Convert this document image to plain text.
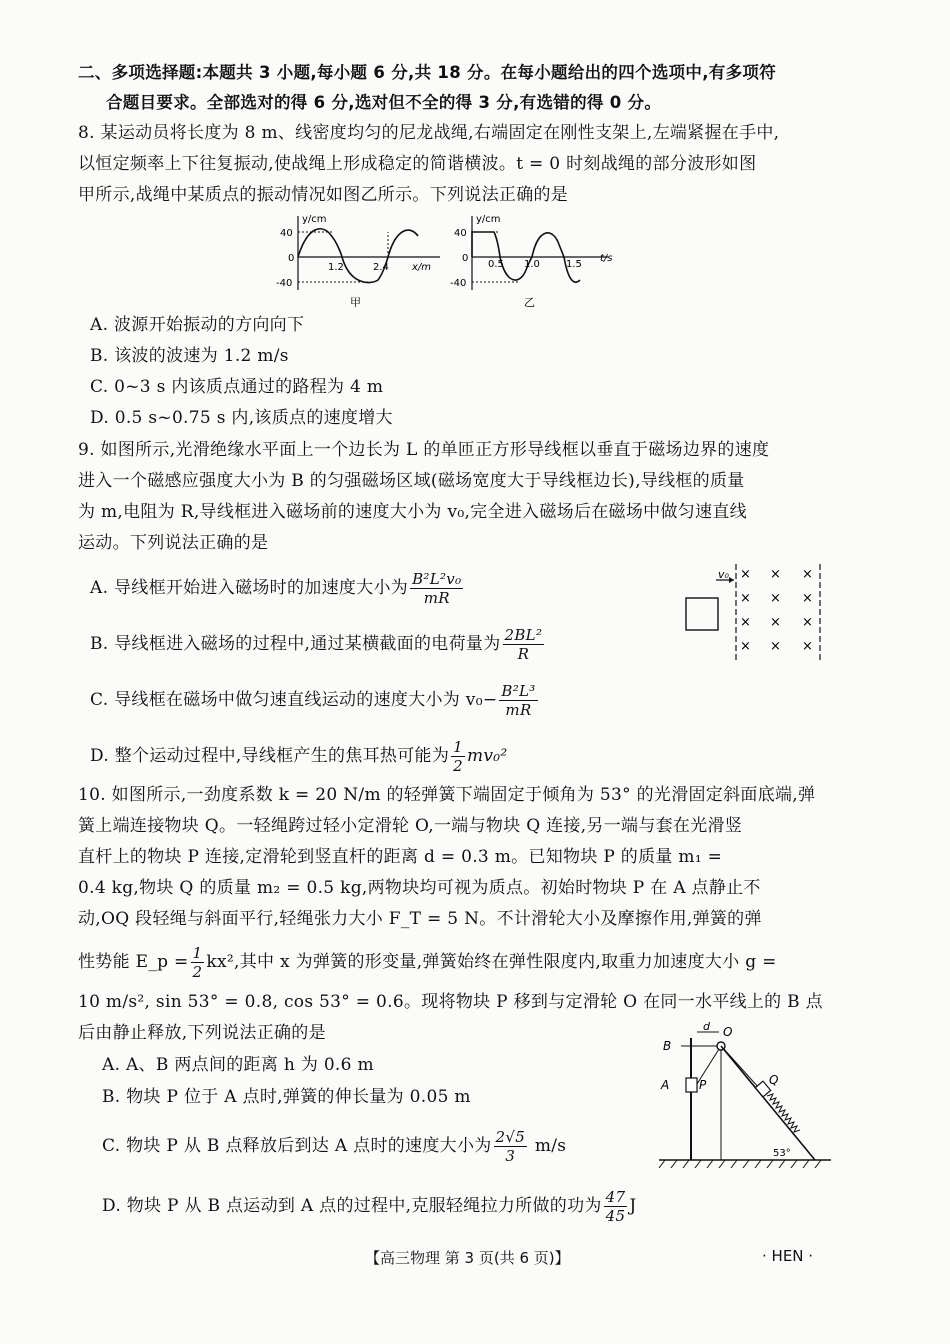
二、多项选择题:本题共 3 小题,每小题 6 分,共 18 分。在每小题给出的四个选项中,有多项符
合题目要求。全部选对的得 6 分,选对但不全的得 3 分,有选错的得 0 分。
8. 某运动员将长度为 8 m、线密度均匀的尼龙战绳,右端固定在刚性支架上,左端紧握在手中,
以恒定频率上下往复振动,使战绳上形成稳定的简谐横波。t = 0 时刻战绳的部分波形如图
甲所示,战绳中某质点的振动情况如图乙所示。下列说法正确的是
y/cm
40
0
-40
1.2	2.4 x/m
甲
y/cm
40
0
-40
0.5 1.0	1.5
t/s
乙
A. 波源开始振动的方向向下
B. 该波的波速为 1.2 m/s
C. 0~3 s 内该质点通过的路程为 4 m
D. 0.5 s~0.75 s 内,该质点的速度增大
9. 如图所示,光滑绝缘水平面上一个边长为 L 的单匝正方形导线框以垂直于磁场边界的速度
进入一个磁感应强度大小为 B 的匀强磁场区域(磁场宽度大于导线框边长),导线框的质量
为 m,电阻为 R,导线框进入磁场前的速度大小为 v₀,完全进入磁场后在磁场中做匀速直线
运动。下列说法正确的是
A. 导线框开始进入磁场时的加速度大小为 $\frac{\text{B²L²v₀}}{mR}$
B. 导线框进入磁场的过程中,通过某横截面的电荷量为 $\frac{\text{2BL²}}{R}$
C. 导线框在磁场中做匀速直线运动的速度大小为 $v_0- \frac{\text{B²L³}}{mR}$
D. 整个运动过程中,导线框产生的焦耳热可能为 $\frac{1}{2} mv_0^2$
v₀ × × ×
× × ×
× × ×
× × ×
10. 如图所示,一劲度系数 k = 20 N/m 的轻弹簧下端固定于倾角为 53° 的光滑固定斜面底端,弹
簧上端连接物块 Q。一轻绳跨过轻小定滑轮 O,一端与物块 Q 连接,另一端与套在光滑竖
直杆上的物块 P 连接,定滑轮到竖直杆的距离 d = 0.3 m。已知物块 P 的质量 m₁ =
0.4 kg,物块 Q 的质量 m₂ = 0.5 kg,两物块均可视为质点。初始时物块 P 在 A 点静止不
动,OQ 段轻绳与斜面平行,轻绳张力大小 F_T = 5 N。不计滑轮大小及摩擦作用,弹簧的弹
性势能 E_p = $\frac{1}{2} kx^2$,其中 x 为弹簧的形变量,弹簧始终在弹性限度内,取重力加速度大小 g =
10 m/s², sin 53° = 0.8, cos 53° = 0.6。现将物块 P 移到与定滑轮 O 在同一水平线上的 B 点
后由静止释放,下列说法正确的是
A. A、B 两点间的距离 h 为 0.6 m
B. 物块 P 位于 A 点时,弹簧的伸长量为 0.05 m
C. 物块 P 从 B 点释放后到达 A 点时的速度大小为 $\frac{2√5}{3} m/s$
D. 物块 P 从 B 点运动到 A 点的过程中,克服轻绳拉力所做的功为 $\frac{47}{45}$ J
B
A P
d O
Q
53°
【高三物理 第 3 页(共 6 页)】	· HEN ·
